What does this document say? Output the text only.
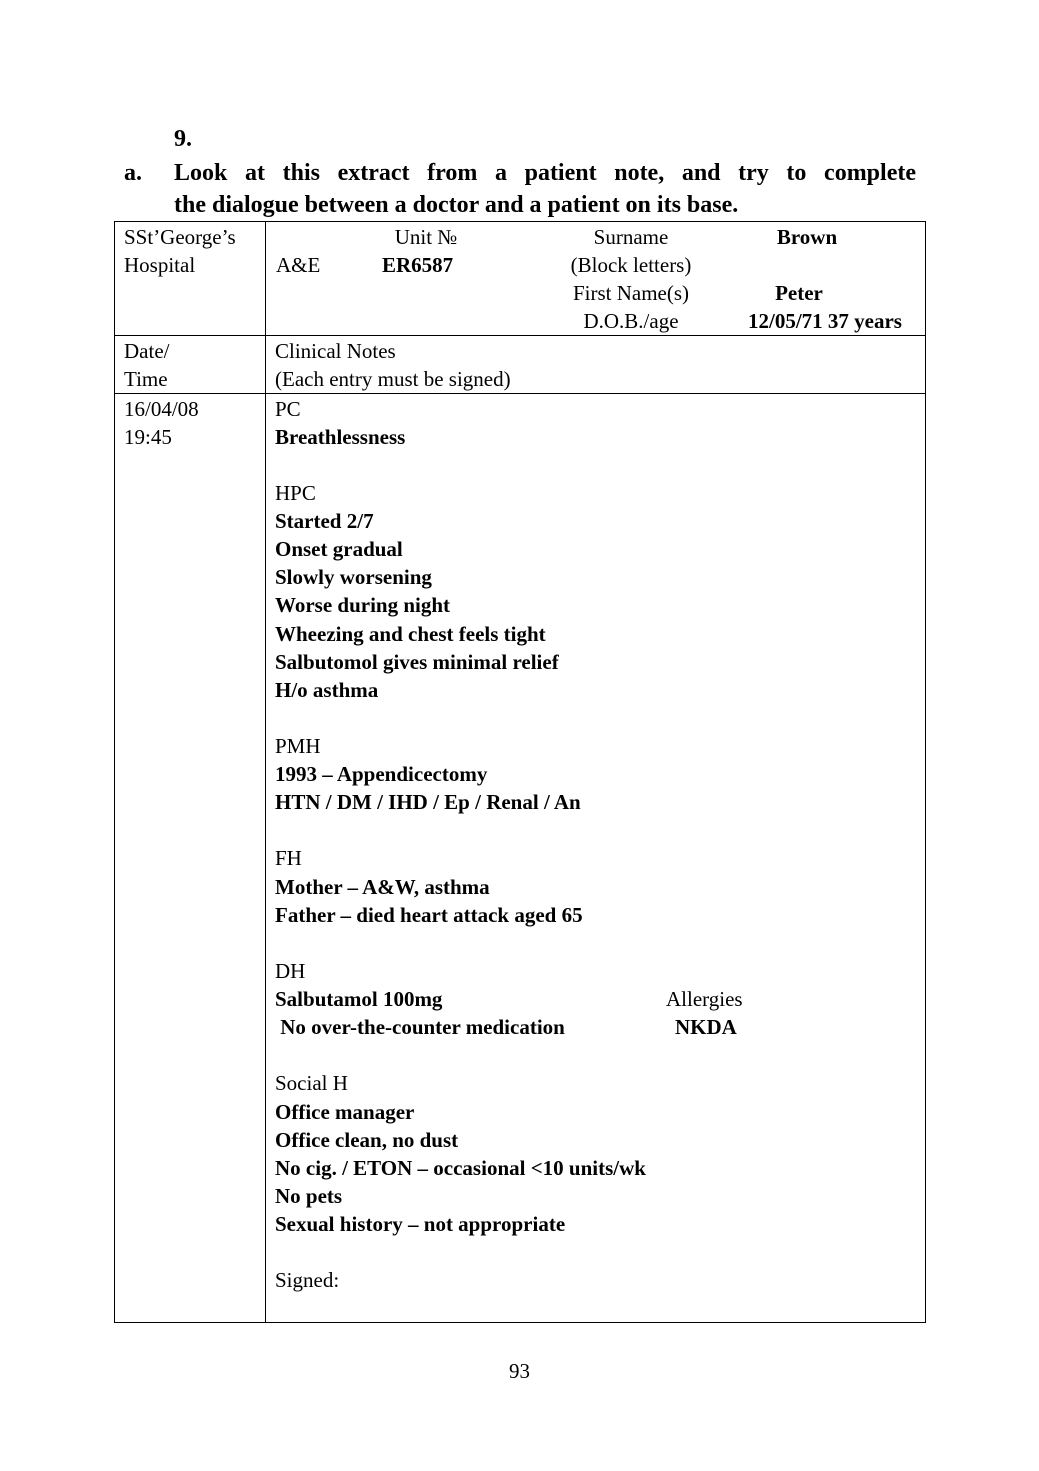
9.
a. Look at this extract from a patient note, and try to complete
the dialogue between a doctor and a patient on its base.
SSt’George’s
Hospital
Unit №
A&E	ER6587
Surname
(Block letters)
First Name(s)
D.O.B./age
Brown
Peter
12/05/71 37 years
Date/
Time
Clinical Notes
(Each entry must be signed)
16/04/08
19:45
PC
Breathlessness
HPC
Started 2/7
Onset gradual
Slowly worsening
Worse during night
Wheezing and chest feels tight
Salbutomol gives minimal relief
H/o asthma
PMH
1993 – Appendicectomy
HTN / DM / IHD / Ep / Renal / An
FH
Mother – A&W, asthma
Father – died heart attack aged 65
DH
Salbutamol 100mg
No over-the-counter medication
Allergies
NKDA
Social H
Office manager
Office clean, no dust
No cig. / ETON – occasional <10 units/wk
No pets
Sexual history – not appropriate
Signed:
93
